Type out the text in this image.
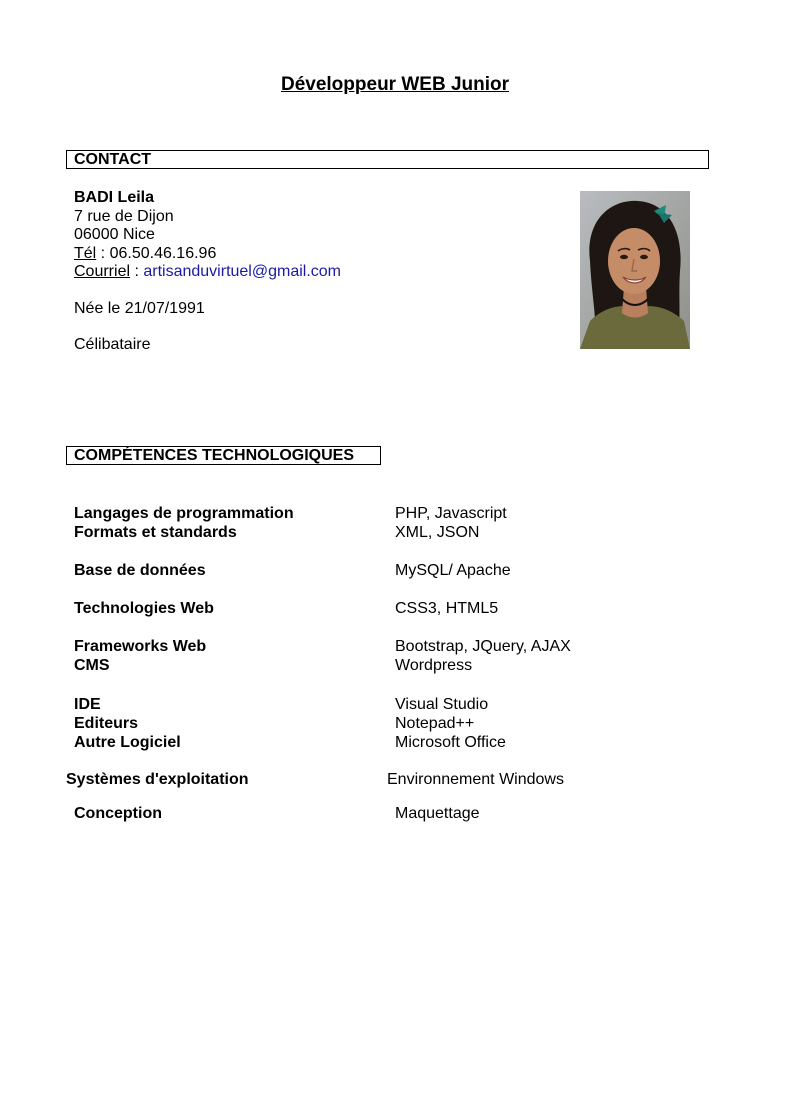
Développeur WEB Junior
CONTACT
BADI Leila
7 rue de Dijon
06000 Nice
Tél : 06.50.46.16.96
Courriel : artisanduvirtuel@gmail.com
Née le 21/07/1991
Célibataire
COMPÉTENCES TECHNOLOGIQUES
Langages de programmation	PHP, Javascript
Formats et standards	XML, JSON
Base de données	MySQL/ Apache
Technologies Web	CSS3, HTML5
Frameworks Web	Bootstrap, JQuery, AJAX
CMS	Wordpress
IDE	Visual Studio
Editeurs	Notepad++
Autre Logiciel	Microsoft Office
Systèmes d'exploitation	Environnement Windows
Conception	Maquettage
